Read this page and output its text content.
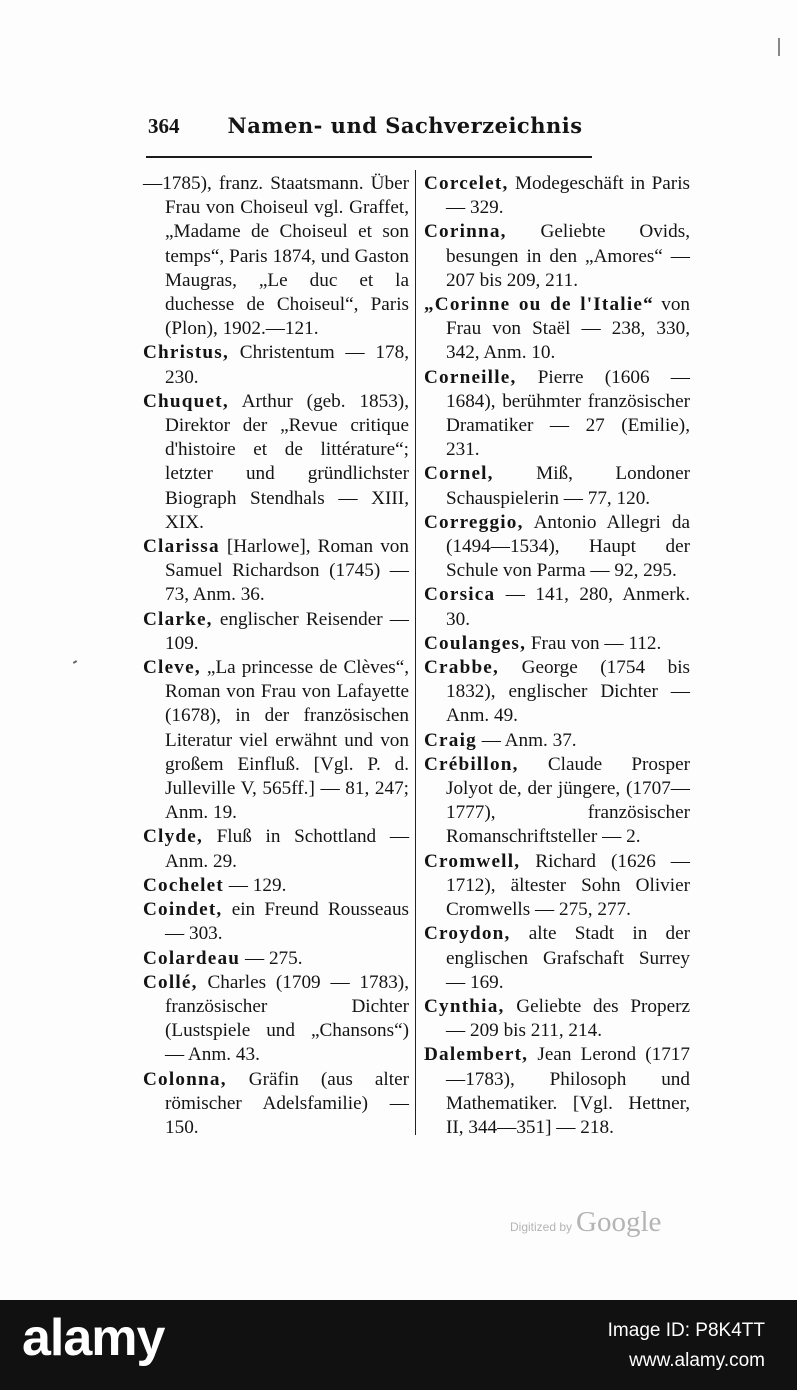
364 Namen- und Sachverzeichnis

—1785), franz. Staatsmann. Über Frau von Choiseul vgl. Graffet, „Madame de Choiseul et son temps“, Paris 1874, und Gaston Maugras, „Le duc et la duchesse de Choiseul“, Paris (Plon), 1902.—121.

Christus, Christentum — 178, 230.

Chuquet, Arthur (geb. 1853), Direktor der „Revue critique d'histoire et de littérature“; letzter und gründlichster Biograph Stendhals — XIII, XIX.

Clarissa [Harlowe], Roman von Samuel Richardson (1745) — 73, Anm. 36.

Clarke, englischer Reisender — 109.

Cleve, „La princesse de Clèves“, Roman von Frau von Lafayette (1678), in der französischen Literatur viel erwähnt und von großem Einfluß. [Vgl. P. d. Julleville V, 565ff.] — 81, 247; Anm. 19.

Clyde, Fluß in Schottland — Anm. 29.

Cochelet — 129.

Coindet, ein Freund Rousseaus — 303.

Colardeau — 275.

Collé, Charles (1709 — 1783), französischer Dichter (Lustspiele und „Chansons“) — Anm. 43.

Colonna, Gräfin (aus alter römischer Adelsfamilie) — 150.

Corcelet, Modegeschäft in Paris — 329.

Corinna, Geliebte Ovids, besungen in den „Amores“ — 207 bis 209, 211.

„Corinne ou de l'Italie“ von Frau von Staël — 238, 330, 342, Anm. 10.

Corneille, Pierre (1606 — 1684), berühmter französischer Dramatiker — 27 (Emilie), 231.

Cornel, Miß, Londoner Schauspielerin — 77, 120.

Correggio, Antonio Allegri da (1494—1534), Haupt der Schule von Parma — 92, 295.

Corsica — 141, 280, Anmerk. 30.

Coulanges, Frau von — 112.

Crabbe, George (1754 bis 1832), englischer Dichter — Anm. 49.

Craig — Anm. 37.

Crébillon, Claude Prosper Jolyot de, der jüngere, (1707—1777), französischer Romanschriftsteller — 2.

Cromwell, Richard (1626 — 1712), ältester Sohn Olivier Cromwells — 275, 277.

Croydon, alte Stadt in der englischen Grafschaft Surrey — 169.

Cynthia, Geliebte des Properz — 209 bis 211, 214.

Dalembert, Jean Lerond (1717—1783), Philosoph und Mathematiker. [Vgl. Hettner, II, 344—351] — 218.

Digitized by Google
alamy	Image ID: P8K4TT
www.alamy.com
